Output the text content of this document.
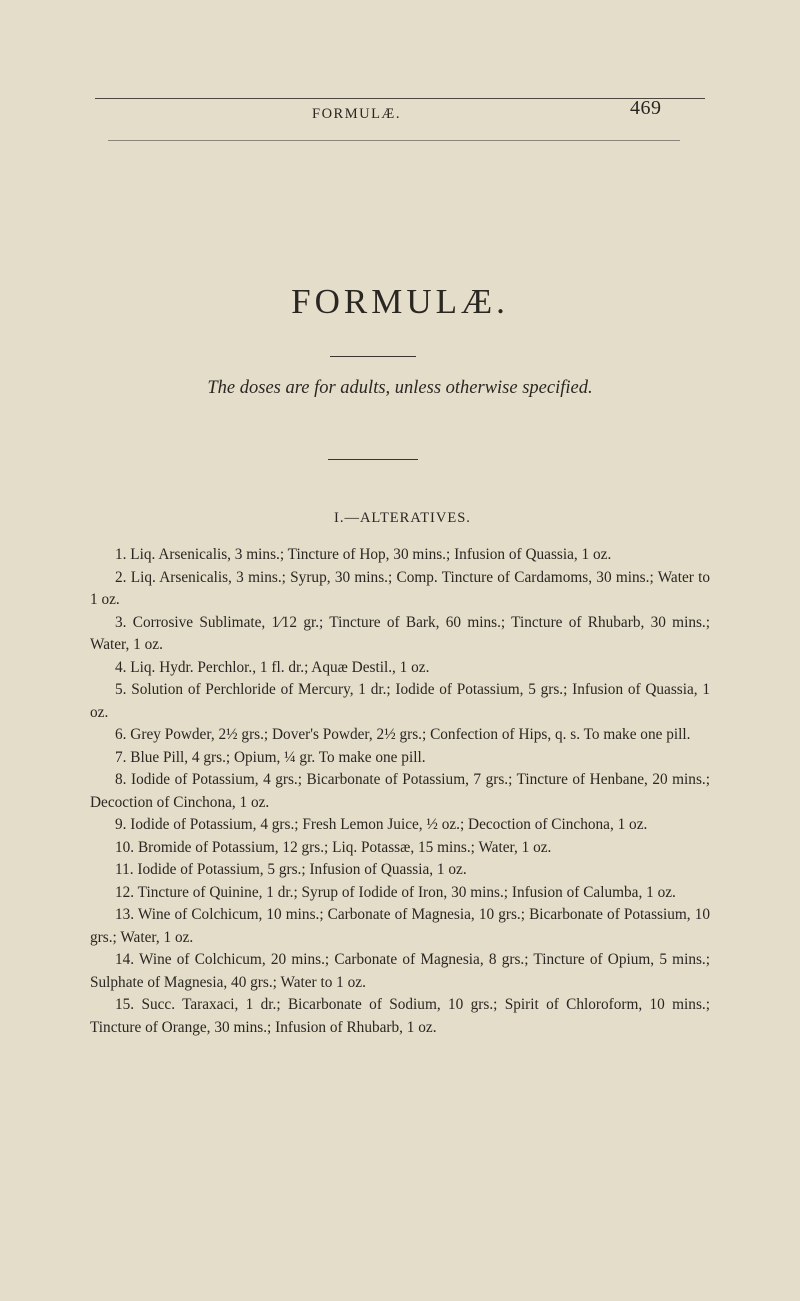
FORMULÆ.	469
FORMULÆ.
The doses are for adults, unless otherwise specified.
I.—ALTERATIVES.

1. Liq. Arsenicalis, 3 mins.; Tincture of Hop, 30 mins.; Infusion of Quassia, 1 oz.

2. Liq. Arsenicalis, 3 mins.; Syrup, 30 mins.; Comp. Tincture of Cardamoms, 30 mins.; Water to 1 oz.

3. Corrosive Sublimate, 1⁄12 gr.; Tincture of Bark, 60 mins.; Tincture of Rhubarb, 30 mins.; Water, 1 oz.

4. Liq. Hydr. Perchlor., 1 fl. dr.; Aquæ Destil., 1 oz.

5. Solution of Perchloride of Mercury, 1 dr.; Iodide of Potassium, 5 grs.; Infusion of Quassia, 1 oz.

6. Grey Powder, 2½ grs.; Dover's Powder, 2½ grs.; Confection of Hips, q. s. To make one pill.

7. Blue Pill, 4 grs.; Opium, ¼ gr. To make one pill.

8. Iodide of Potassium, 4 grs.; Bicarbonate of Potassium, 7 grs.; Tincture of Henbane, 20 mins.; Decoction of Cinchona, 1 oz.

9. Iodide of Potassium, 4 grs.; Fresh Lemon Juice, ½ oz.; Decoction of Cinchona, 1 oz.

10. Bromide of Potassium, 12 grs.; Liq. Potassæ, 15 mins.; Water, 1 oz.

11. Iodide of Potassium, 5 grs.; Infusion of Quassia, 1 oz.

12. Tincture of Quinine, 1 dr.; Syrup of Iodide of Iron, 30 mins.; Infusion of Calumba, 1 oz.

13. Wine of Colchicum, 10 mins.; Carbonate of Magnesia, 10 grs.; Bicarbonate of Potassium, 10 grs.; Water, 1 oz.

14. Wine of Colchicum, 20 mins.; Carbonate of Magnesia, 8 grs.; Tincture of Opium, 5 mins.; Sulphate of Magnesia, 40 grs.; Water to 1 oz.

15. Succ. Taraxaci, 1 dr.; Bicarbonate of Sodium, 10 grs.; Spirit of Chloroform, 10 mins.; Tincture of Orange, 30 mins.; Infusion of Rhubarb, 1 oz.
